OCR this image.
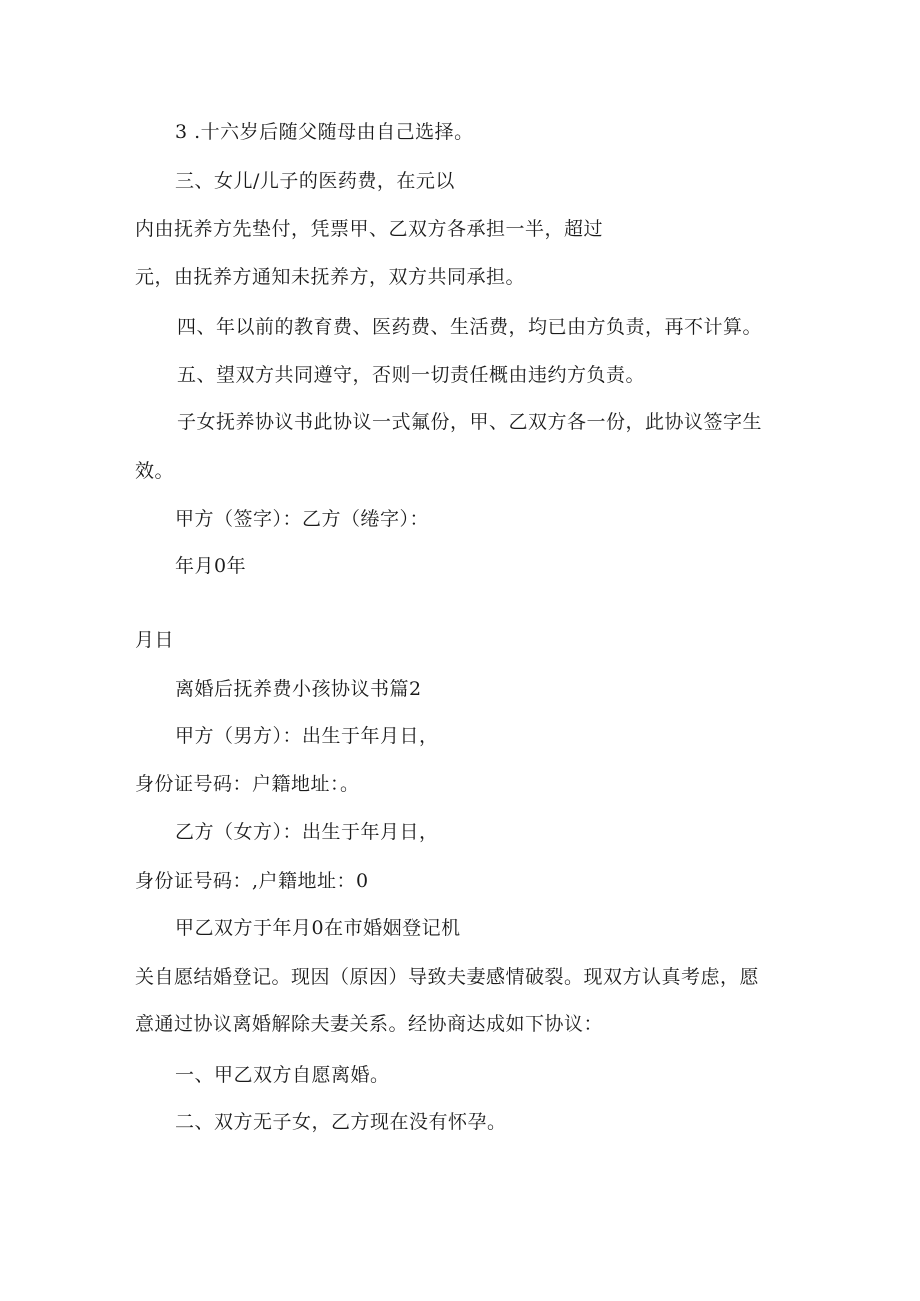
3 .十六岁后随父随母由自己选择。
三、女儿/儿子的医药费，在元以
内由抚养方先垫付，凭票甲、乙双方各承担一半，超过
元，由抚养方通知未抚养方，双方共同承担。
四、年以前的教育费、医药费、生活费，均已由方负责，再不计算。
五、望双方共同遵守，否则一切责任概由违约方负责。
子女抚养协议书此协议一式氟份，甲、乙双方各一份，此协议签字生
效。
甲方（签字）：乙方（绻字）：
年月0年
月日
离婚后抚养费小孩协议书篇2
甲方（男方）：出生于年月日，
身份证号码：户籍地址：。
乙方（女方）：出生于年月日，
身份证号码：,户籍地址：0
甲乙双方于年月0在市婚姻登记机
关自愿结婚登记。现因（原因）导致夫妻感情破裂。现双方认真考虑，愿
意通过协议离婚解除夫妻关系。经协商达成如下协议：
一、甲乙双方自愿离婚。
二、双方无子女，乙方现在没有怀孕。
